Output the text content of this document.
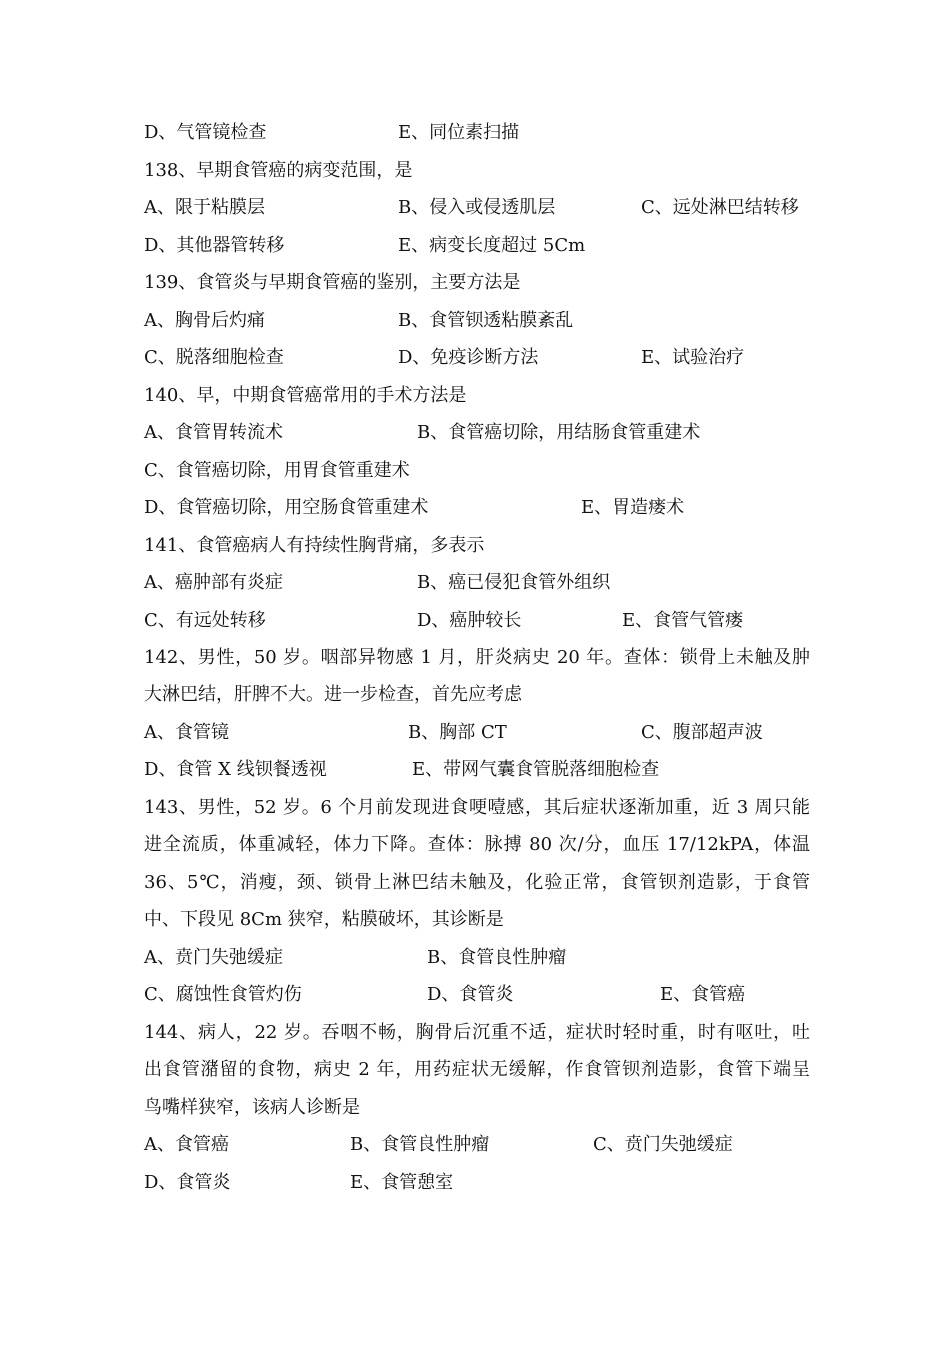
D、气管镜检查	E、同位素扫描
138、早期食管癌的病变范围，是
A、限于粘膜层	B、侵入或侵透肌层	C、远处淋巴结转移
D、其他器管转移	E、病变长度超过 5Cm
139、食管炎与早期食管癌的鉴别，主要方法是
A、胸骨后灼痛	B、食管钡透粘膜紊乱
C、脱落细胞检查	D、免疫诊断方法	E、试验治疗
140、早，中期食管癌常用的手术方法是
A、食管胃转流术	B、食管癌切除，用结肠食管重建术
C、食管癌切除，用胃食管重建术
D、食管癌切除，用空肠食管重建术	E、胃造瘘术
141、食管癌病人有持续性胸背痛，多表示
A、癌肿部有炎症	B、癌已侵犯食管外组织
C、有远处转移	D、癌肿较长	E、食管气管瘘
142、男性，50 岁。咽部异物感 1 月，肝炎病史 20 年。查体：锁骨上未触及肿
大淋巴结，肝脾不大。进一步检查，首先应考虑
A、食管镜	B、胸部 CT	C、腹部超声波
D、食管 X 线钡餐透视	E、带网气囊食管脱落细胞检查
143、男性，52 岁。6 个月前发现进食哽噎感，其后症状逐渐加重，近 3 周只能
进全流质，体重减轻，体力下降。查体：脉搏 80 次/分，血压 17/12kPA，体温
36、5℃，消瘦，颈、锁骨上淋巴结未触及，化验正常，食管钡剂造影，于食管
中、下段见 8Cm 狭窄，粘膜破坏，其诊断是
A、贲门失弛缓症	B、食管良性肿瘤
C、腐蚀性食管灼伤	D、食管炎	E、食管癌
144、病人，22 岁。吞咽不畅，胸骨后沉重不适，症状时轻时重，时有呕吐，吐
出食管潴留的食物，病史 2 年，用药症状无缓解，作食管钡剂造影，食管下端呈
鸟嘴样狭窄，该病人诊断是
A、食管癌	B、食管良性肿瘤	C、贲门失弛缓症
D、食管炎	E、食管憩室
